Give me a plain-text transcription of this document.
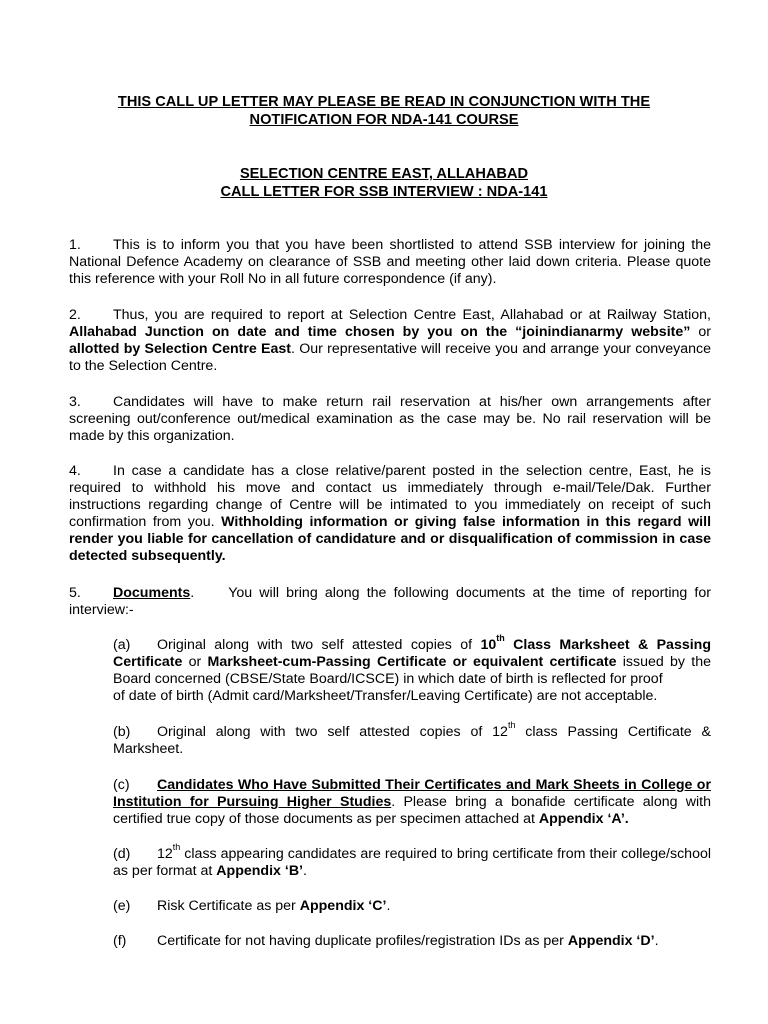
THIS CALL UP LETTER MAY PLEASE BE READ IN CONJUNCTION WITH THE
NOTIFICATION FOR NDA-141 COURSE
SELECTION CENTRE EAST, ALLAHABAD
CALL LETTER FOR SSB INTERVIEW : NDA-141

1. This is to inform you that you have been shortlisted to attend SSB interview for joining the National Defence Academy on clearance of SSB and meeting other laid down criteria. Please quote this reference with your Roll No in all future correspondence (if any).

2. Thus, you are required to report at Selection Centre East, Allahabad or at Railway Station, Allahabad Junction on date and time chosen by you on the “joinindianarmy website” or allotted by Selection Centre East. Our representative will receive you and arrange your conveyance to the Selection Centre.

3. Candidates will have to make return rail reservation at his/her own arrangements after screening out/conference out/medical examination as the case may be. No rail reservation will be made by this organization.

4. In case a candidate has a close relative/parent posted in the selection centre, East, he is required to withhold his move and contact us immediately through e-mail/Tele/Dak. Further instructions regarding change of Centre will be intimated to you immediately on receipt of such confirmation from you. Withholding information or giving false information in this regard will render you liable for cancellation of candidature and or disqualification of commission in case detected subsequently.

5. Documents. You will bring along the following documents at the time of reporting for interview:-

(a) Original along with two self attested copies of 10th Class Marksheet & Passing Certificate or Marksheet-cum-Passing Certificate or equivalent certificate issued by the Board concerned (CBSE/State Board/ICSCE) in which date of birth is reflected for proof
of date of birth (Admit card/Marksheet/Transfer/Leaving Certificate) are not acceptable.

(b) Original along with two self attested copies of 12th class Passing Certificate & Marksheet.

(c) Candidates Who Have Submitted Their Certificates and Mark Sheets in College or Institution for Pursuing Higher Studies. Please bring a bonafide certificate along with certified true copy of those documents as per specimen attached at Appendix ‘A’.

(d) 12th class appearing candidates are required to bring certificate from their college/school as per format at Appendix ‘B’.

(e) Risk Certificate as per Appendix ‘C’.

(f) Certificate for not having duplicate profiles/registration IDs as per Appendix ‘D’.
